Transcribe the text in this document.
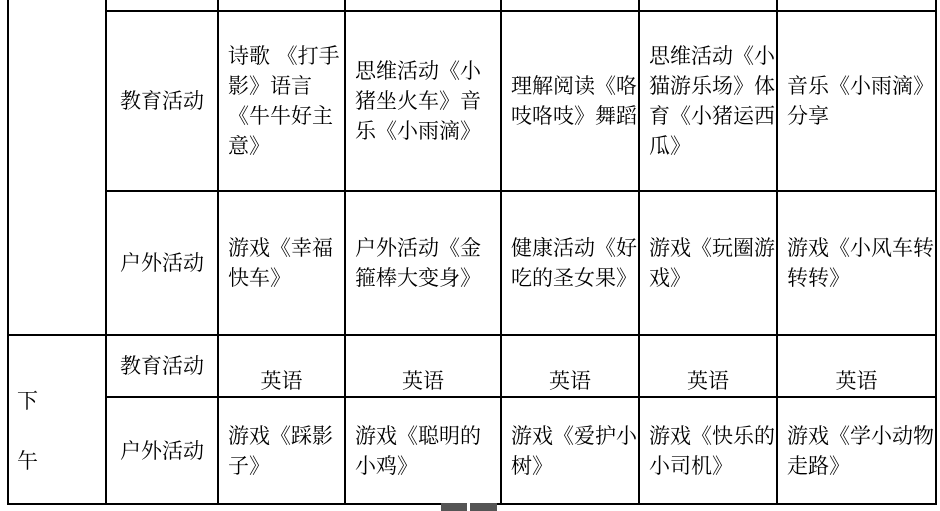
	教育活动	诗歌 《打手影》语言《牛牛好主意》	思维活动《小猪坐火车》音乐《小雨滴》	理解阅读《咯吱咯吱》舞蹈	思维活动《小猫游乐场》体育《小猪运西瓜》	音乐《小雨滴》分享
	户外活动	游戏《幸福快车》	户外活动《金箍棒大变身》	健康活动《好吃的圣女果》	游戏《玩圈游戏》	游戏《小风车转转转》

下
午	教育活动	英语	英语	英语	英语	英语
	户外活动	游戏《踩影子》	游戏《聪明的小鸡》	游戏《爱护小树》	游戏《快乐的小司机》	游戏《学小动物走路》
